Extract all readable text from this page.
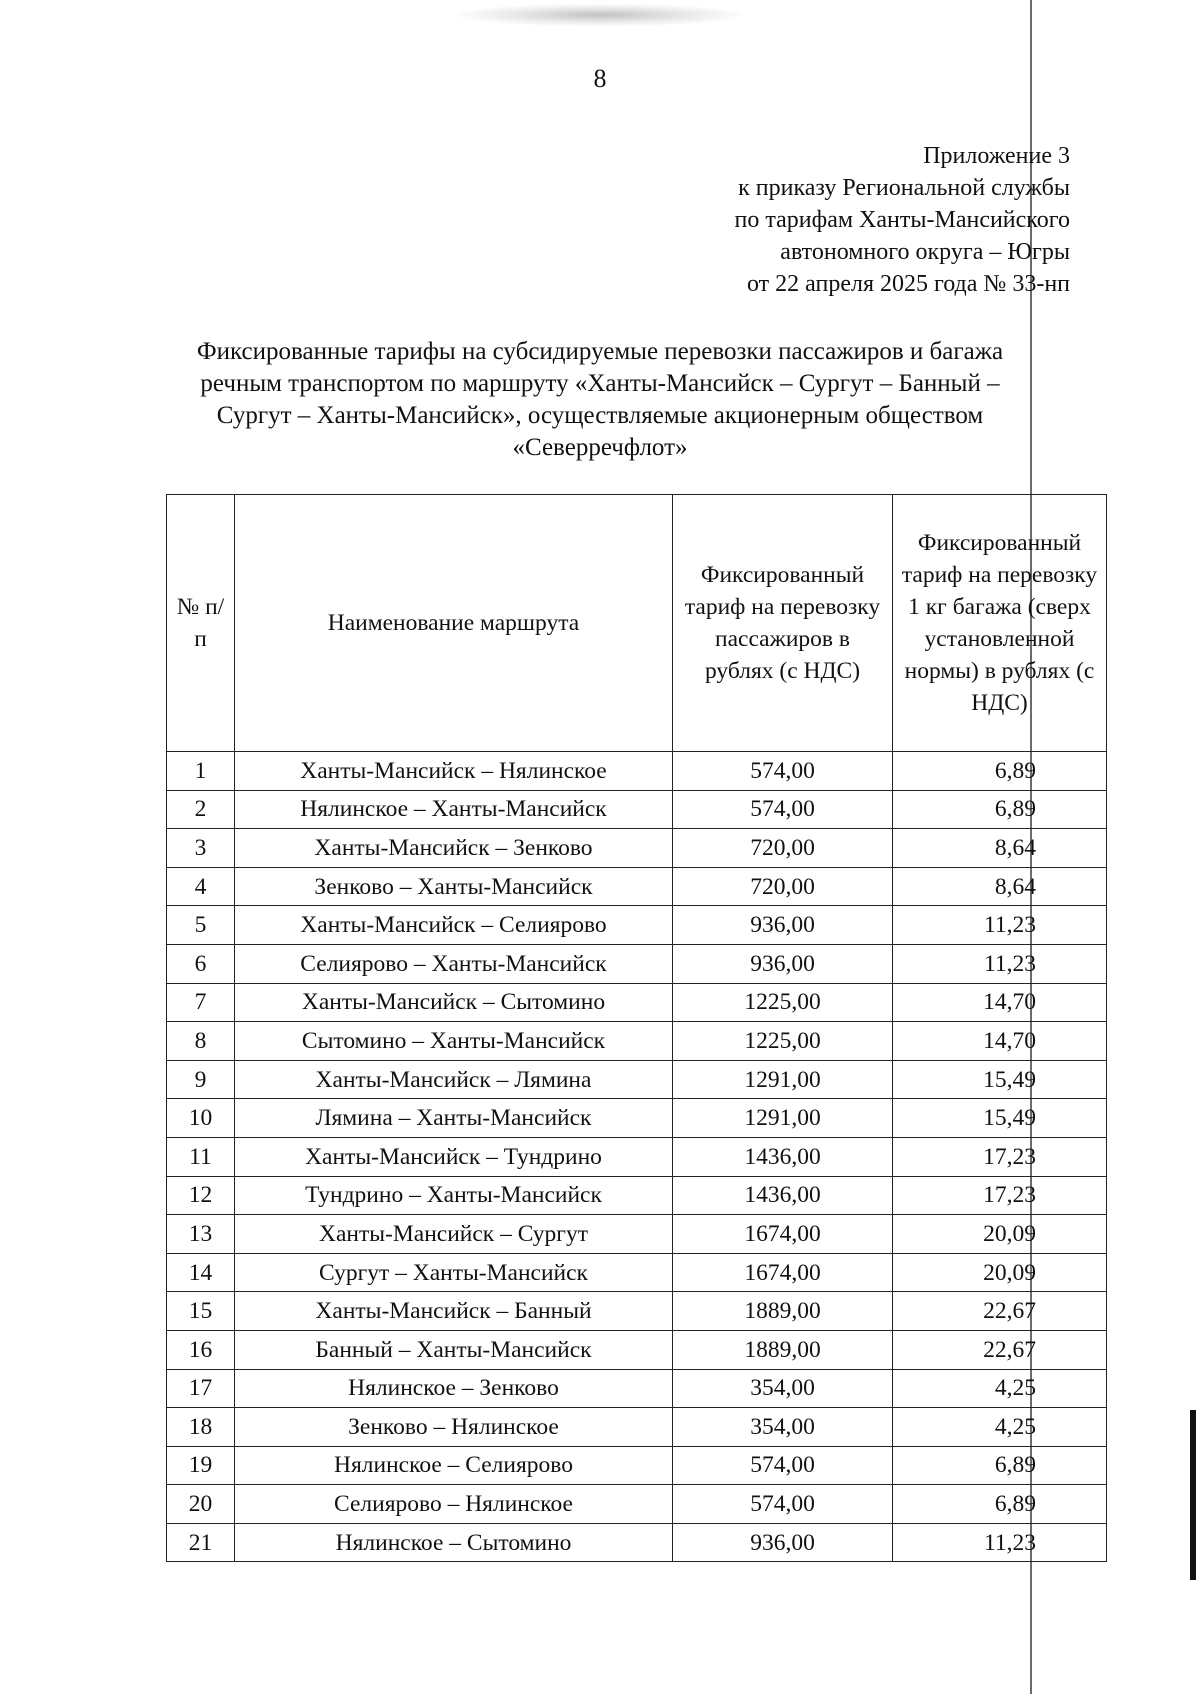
8
Приложение 3
к приказу Региональной службы
по тарифам Ханты-Мансийского
автономного округа – Югры
от 22 апреля 2025 года № 33-нп
Фиксированные тарифы на субсидируемые перевозки пассажиров и багажа
речным транспортом по маршруту «Ханты-Мансийск – Сургут – Банный –
Сургут – Ханты-Мансийск», осуществляемые акционерным обществом
«Северречфлот»
№ п/п	Наименование маршрута	Фиксированный тариф на перевозку пассажиров в рублях (с НДС)	Фиксированный тариф на перевозку 1 кг багажа (сверх установленной нормы) в рублях (с НДС)

1	Ханты-Мансийск – Нялинское	574,00	6,89
2	Нялинское – Ханты-Мансийск	574,00	6,89
3	Ханты-Мансийск – Зенково	720,00	8,64
4	Зенково – Ханты-Мансийск	720,00	8,64
5	Ханты-Мансийск – Селиярово	936,00	11,23
6	Селиярово – Ханты-Мансийск	936,00	11,23
7	Ханты-Мансийск – Сытомино	1225,00	14,70
8	Сытомино – Ханты-Мансийск	1225,00	14,70
9	Ханты-Мансийск – Лямина	1291,00	15,49
10	Лямина – Ханты-Мансийск	1291,00	15,49
11	Ханты-Мансийск – Тундрино	1436,00	17,23
12	Тундрино – Ханты-Мансийск	1436,00	17,23
13	Ханты-Мансийск – Сургут	1674,00	20,09
14	Сургут – Ханты-Мансийск	1674,00	20,09
15	Ханты-Мансийск – Банный	1889,00	22,67
16	Банный – Ханты-Мансийск	1889,00	22,67
17	Нялинское – Зенково	354,00	4,25
18	Зенково – Нялинское	354,00	4,25
19	Нялинское – Селиярово	574,00	6,89
20	Селиярово – Нялинское	574,00	6,89
21	Нялинское – Сытомино	936,00	11,23
